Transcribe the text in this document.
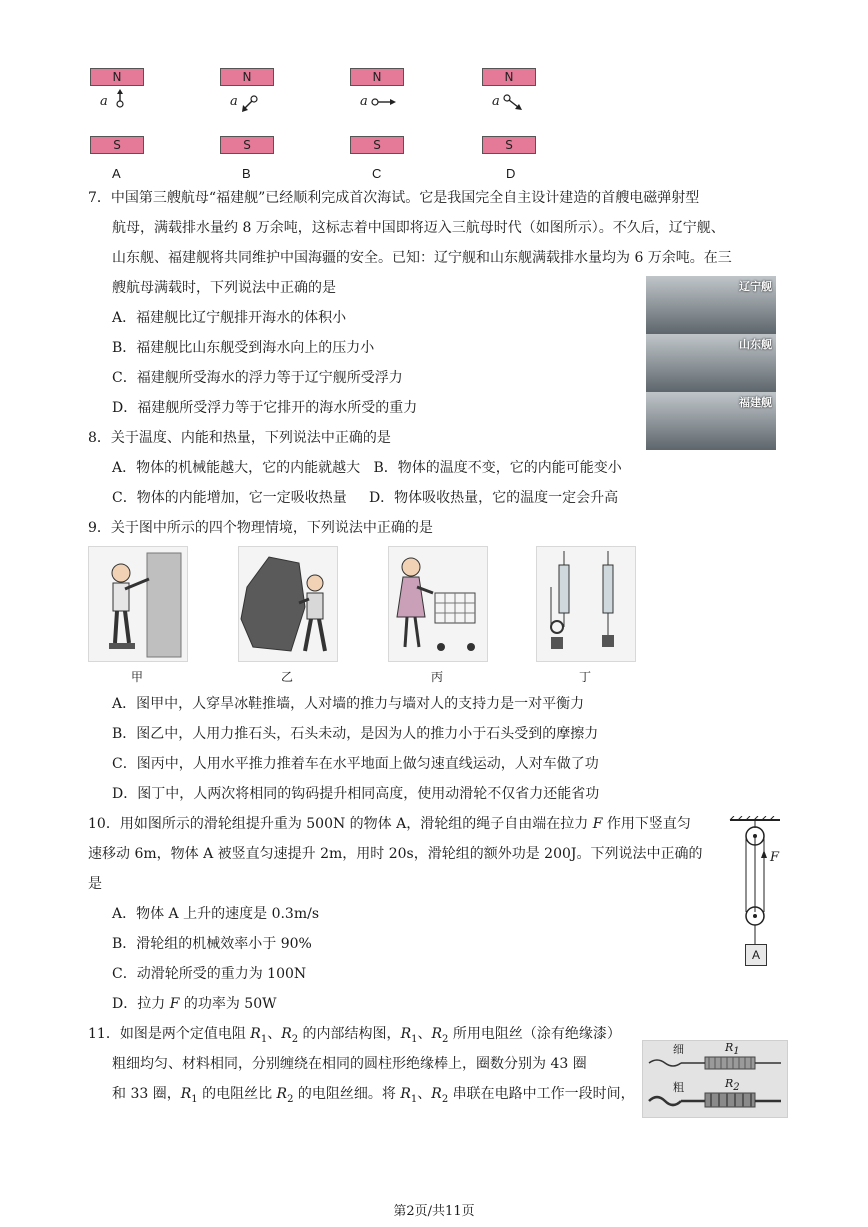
N
a
S
A
N
a
S
B
N
a
S
C
N
a
S
D
7．中国第三艘航母“福建舰”已经顺利完成首次海试。它是我国完全自主设计建造的首艘电磁弹射型
航母，满载排水量约 8 万余吨，这标志着中国即将迈入三航母时代（如图所示）。不久后，辽宁舰、
山东舰、福建舰将共同维护中国海疆的安全。已知：辽宁舰和山东舰满载排水量均为 6 万余吨。在三
艘航母满载时，下列说法中正确的是
A．福建舰比辽宁舰排开海水的体积小
B．福建舰比山东舰受到海水向上的压力小
C．福建舰所受海水的浮力等于辽宁舰所受浮力
D．福建舰所受浮力等于它排开的海水所受的重力
辽宁舰
山东舰
福建舰
8．关于温度、内能和热量，下列说法中正确的是
A．物体的机械能越大，它的内能就越大   B．物体的温度不变，它的内能可能变小
C．物体的内能增加，它一定吸收热量     D．物体吸收热量，它的温度一定会升高
9．关于图中所示的四个物理情境，下列说法中正确的是
甲	乙	丙	丁
A．图甲中，人穿旱冰鞋推墙，人对墙的推力与墙对人的支持力是一对平衡力
B．图乙中，人用力推石头，石头未动，是因为人的推力小于石头受到的摩擦力
C．图丙中，人用水平推力推着车在水平地面上做匀速直线运动，人对车做了功
D．图丁中，人两次将相同的钩码提升相同高度，使用动滑轮不仅省力还能省功
10．用如图所示的滑轮组提升重为 500N 的物体 A，滑轮组的绳子自由端在拉力 F 作用下竖直匀
速移动 6m，物体 A 被竖直匀速提升 2m，用时 20s，滑轮组的额外功是 200J。下列说法中正确的
是
A．物体 A 上升的速度是 0.3m/s
B．滑轮组的机械效率小于 90%
C．动滑轮所受的重力为 100N
D．拉力 F 的功率为 50W
F
A
11．如图是两个定值电阻 $R_1$、$R_2$ 的内部结构图，$R_1$、$R_2$ 所用电阻丝（涂有绝缘漆）
粗细均匀、材料相同，分别缠绕在相同的圆柱形绝缘棒上，圈数分别为 43 圈
和 33 圈，$R_1$ 的电阻丝比 $R_2$ 的电阻丝细。将 $R_1$、$R_2$ 串联在电路中工作一段时间，
细	$R_1$
粗	$R_2$
第2页/共11页
